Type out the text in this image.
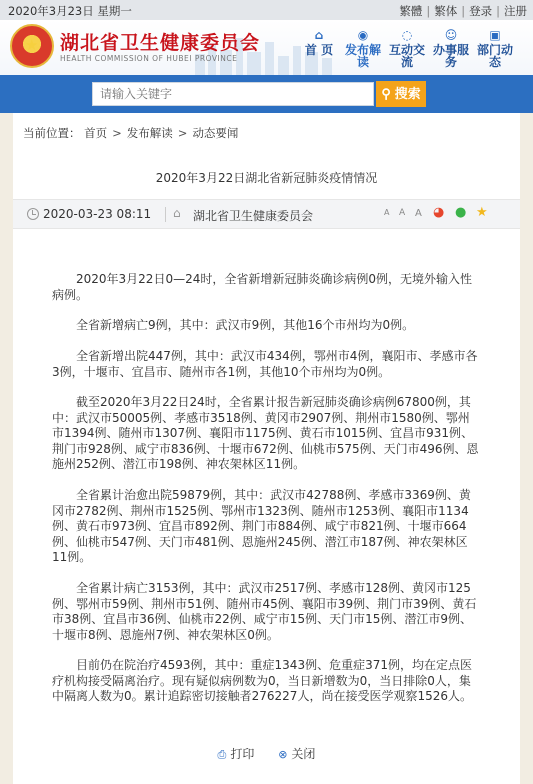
2020年3月23日 星期一	繁體 | 繁体 | 登录 | 注册
★ 湖北省卫生健康委员会
HEALTH COMMISSION OF HUBEI PROVINCE
⌂
首 页
◉
发布解读
◌
互动交流
☺
办事服务
▣
部门动态
请输入关键字
⚲ 搜索
当前位置： 首页 > 发布解读 > 动态要闻
2020年3月22日湖北省新冠肺炎疫情情况
2020-03-23 08:11 ⌂ 湖北省卫生健康委员会	A A A ◕ ● ★

2020年3月22日0—24时，全省新增新冠肺炎确诊病例0例，无境外输入性病例。

全省新增病亡9例，其中：武汉市9例，其他16个市州均为0例。

全省新增出院447例，其中：武汉市434例，鄂州市4例，襄阳市、孝感市各3例，十堰市、宜昌市、随州市各1例，其他10个市州均为0例。

截至2020年3月22日24时，全省累计报告新冠肺炎确诊病例67800例，其中：武汉市50005例、孝感市3518例、黄冈市2907例、荆州市1580例、鄂州市1394例、随州市1307例、襄阳市1175例、黄石市1015例、宜昌市931例、荆门市928例、咸宁市836例、十堰市672例、仙桃市575例、天门市496例、恩施州252例、潜江市198例、神农架林区11例。

全省累计治愈出院59879例，其中：武汉市42788例、孝感市3369例、黄冈市2782例、荆州市1525例、鄂州市1323例、随州市1253例、襄阳市1134例、黄石市973例、宜昌市892例、荆门市884例、咸宁市821例、十堰市664例、仙桃市547例、天门市481例、恩施州245例、潜江市187例、神农架林区11例。

全省累计病亡3153例，其中：武汉市2517例、孝感市128例、黄冈市125例、鄂州市59例、荆州市51例、随州市45例、襄阳市39例、荆门市39例、黄石市38例、宜昌市36例、仙桃市22例、咸宁市15例、天门市15例、潜江市9例、十堰市8例、恩施州7例、神农架林区0例。

目前仍在院治疗4593例，其中：重症1343例、危重症371例，均在定点医疗机构接受隔离治疗。现有疑似病例数为0，当日新增数为0，当日排除0人，集中隔离人数为0。累计追踪密切接触者276227人，尚在接受医学观察1526人。

⎙ 打印 ⊗ 关闭
